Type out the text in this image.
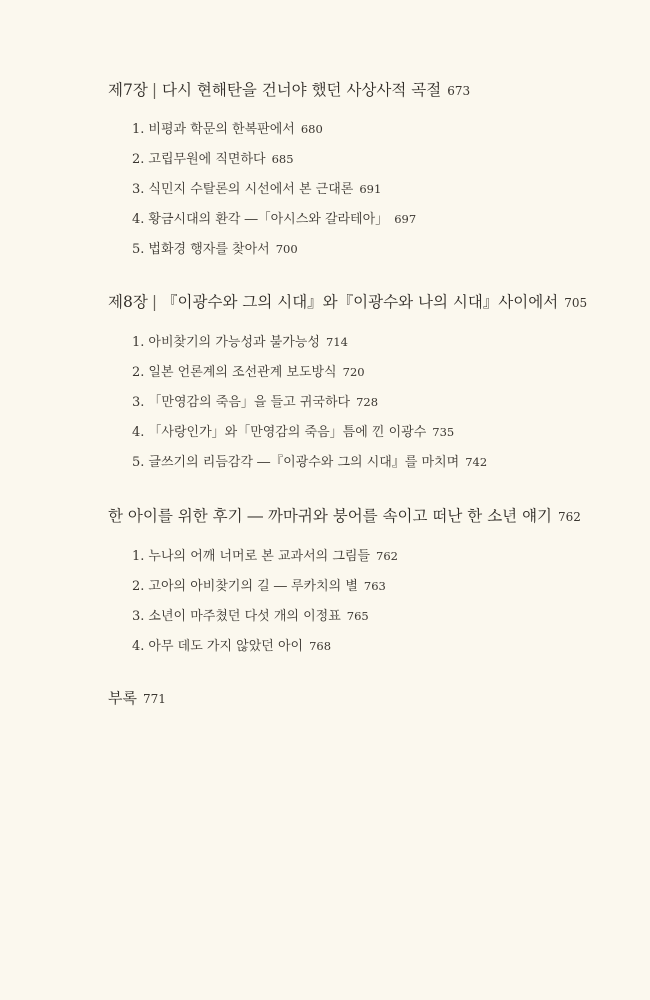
제7장 | 다시 현해탄을 건너야 했던 사상사적 곡절 673
1. 비평과 학문의 한복판에서 680
2. 고립무원에 직면하다 685
3. 식민지 수탈론의 시선에서 본 근대론 691
4. 황금시대의 환각 ―「아시스와 갈라테아」 697
5. 법화경 행자를 찾아서 700
제8장 | 『이광수와 그의 시대』와『이광수와 나의 시대』사이에서 705
1. 아비찾기의 가능성과 불가능성 714
2. 일본 언론계의 조선관계 보도방식 720
3. 「만영감의 죽음」을 들고 귀국하다 728
4. 「사랑인가」와「만영감의 죽음」틈에 낀 이광수 735
5. 글쓰기의 리듬감각 ―『이광수와 그의 시대』를 마치며 742
한 아이를 위한 후기 ― 까마귀와 붕어를 속이고 떠난 한 소년 얘기 762
1. 누나의 어깨 너머로 본 교과서의 그림들 762
2. 고아의 아비찾기의 길 ― 루카치의 별 763
3. 소년이 마주쳤던 다섯 개의 이정표 765
4. 아무 데도 가지 않았던 아이 768
부록 771
